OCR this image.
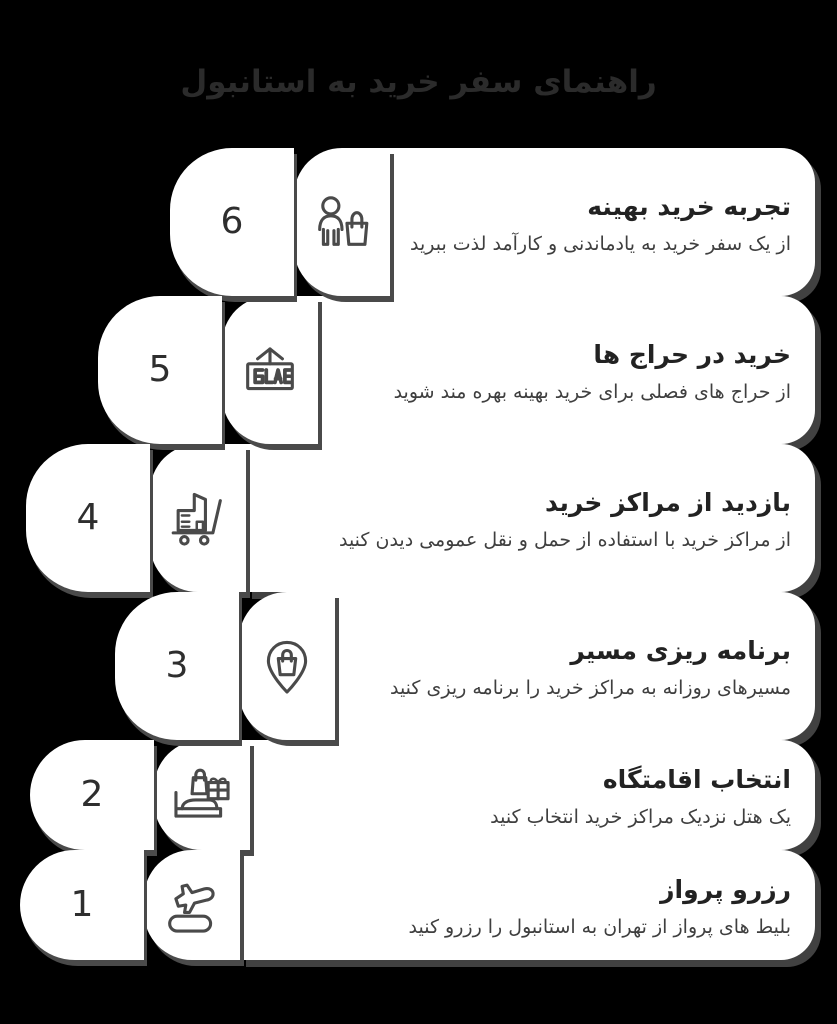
راهنمای سفر خرید به استانبول
تجربه خرید بهینه
از یک سفر خرید به یادماندنی و کارآمد لذت ببرید
6
خرید در حراج ها
از حراج های فصلی برای خرید بهینه بهره مند شوید
5
بازدید از مراکز خرید
از مراکز خرید با استفاده از حمل و نقل عمومی دیدن کنید
4
برنامه ریزی مسیر
مسیرهای روزانه به مراکز خرید را برنامه ریزی کنید
3
انتخاب اقامتگاه
یک هتل نزدیک مراکز خرید انتخاب کنید
2
رزرو پرواز
بلیط های پرواز از تهران به استانبول را رزرو کنید
1
